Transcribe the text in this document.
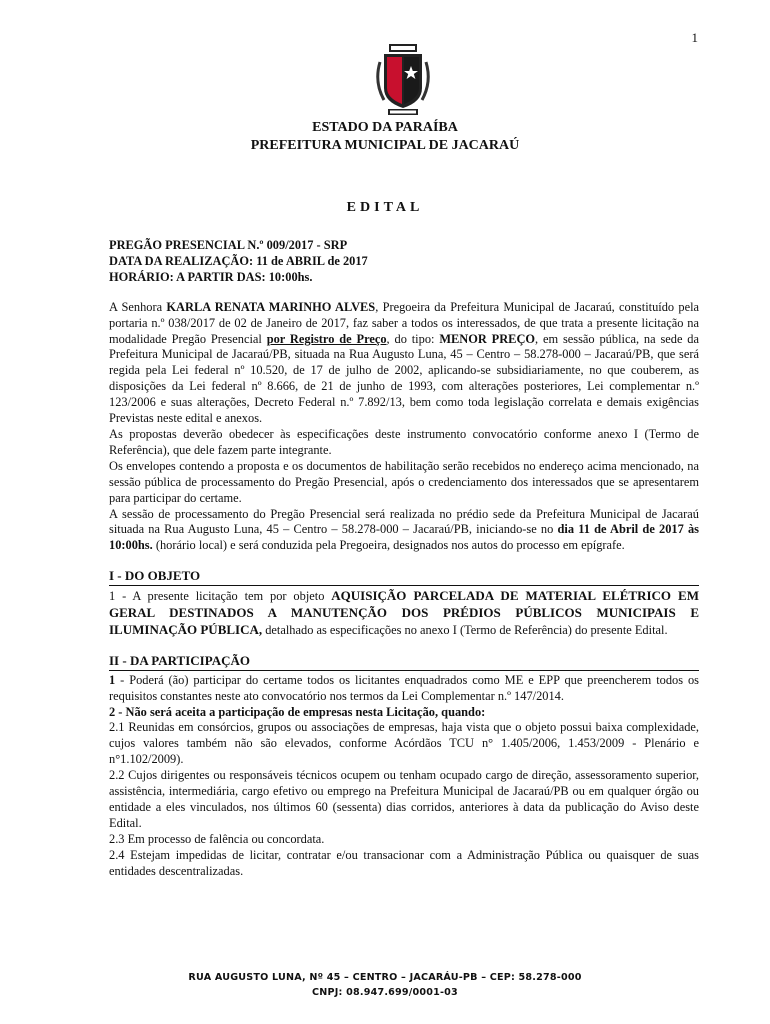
1
ESTADO DA PARAÍBA
PREFEITURA MUNICIPAL DE JACARAÚ
EDITAL

PREGÃO PRESENCIAL N.º 009/2017 - SRP

DATA DA REALIZAÇÃO: 11 de ABRIL de 2017

HORÁRIO: A PARTIR DAS: 10:00hs.

A Senhora KARLA RENATA MARINHO ALVES, Pregoeira da Prefeitura Municipal de Jacaraú, constituído pela portaria n.º 038/2017 de 02 de Janeiro de 2017, faz saber a todos os interessados, de que trata a presente licitação na modalidade Pregão Presencial por Registro de Preço, do tipo: MENOR PREÇO, em sessão pública, na sede da Prefeitura Municipal de Jacaraú/PB, situada na Rua Augusto Luna, 45 – Centro – 58.278-000 – Jacaraú/PB, que será regida pela Lei federal nº 10.520, de 17 de julho de 2002, aplicando-se subsidiariamente, no que couberem, as disposições da Lei federal nº 8.666, de 21 de junho de 1993, com alterações posteriores, Lei complementar n.º 123/2006 e suas alterações, Decreto Federal n.º 7.892/13, bem como toda legislação correlata e demais exigências Previstas neste edital e anexos.

As propostas deverão obedecer às especificações deste instrumento convocatório conforme anexo I (Termo de Referência), que dele fazem parte integrante.

Os envelopes contendo a proposta e os documentos de habilitação serão recebidos no endereço acima mencionado, na sessão pública de processamento do Pregão Presencial, após o credenciamento dos interessados que se apresentarem para participar do certame.

A sessão de processamento do Pregão Presencial será realizada no prédio sede da Prefeitura Municipal de Jacaraú situada na Rua Augusto Luna, 45 – Centro – 58.278-000 – Jacaraú/PB, iniciando-se no dia 11 de Abril de 2017 às 10:00hs. (horário local) e será conduzida pela Pregoeira, designados nos autos do processo em epígrafe.

I - DO OBJETO

1 - A presente licitação tem por objeto AQUISIÇÃO PARCELADA DE MATERIAL ELÉTRICO EM GERAL DESTINADOS A MANUTENÇÃO DOS PRÉDIOS PÚBLICOS MUNICIPAIS E ILUMINAÇÃO PÚBLICA, detalhado as especificações no anexo I (Termo de Referência) do presente Edital.

II - DA PARTICIPAÇÃO

1 - Poderá (ão) participar do certame todos os licitantes enquadrados como ME e EPP que preencherem todos os requisitos constantes neste ato convocatório nos termos da Lei Complementar n.º 147/2014.

2 - Não será aceita a participação de empresas nesta Licitação, quando:

2.1 Reunidas em consórcios, grupos ou associações de empresas, haja vista que o objeto possui baixa complexidade, cujos valores também não são elevados, conforme Acórdãos TCU n° 1.405/2006, 1.453/2009 - Plenário e n°1.102/2009).

2.2 Cujos dirigentes ou responsáveis técnicos ocupem ou tenham ocupado cargo de direção, assessoramento superior, assistência, intermediária, cargo efetivo ou emprego na Prefeitura Municipal de Jacaraú/PB ou em qualquer órgão ou entidade a eles vinculados, nos últimos 60 (sessenta) dias corridos, anteriores à data da publicação do Aviso deste Edital.

2.3 Em processo de falência ou concordata.

2.4 Estejam impedidas de licitar, contratar e/ou transacionar com a Administração Pública ou quaisquer de suas entidades descentralizadas.

RUA AUGUSTO LUNA, Nº 45 – CENTRO – JACARÁU-PB – CEP: 58.278-000
CNPJ: 08.947.699/0001-03
